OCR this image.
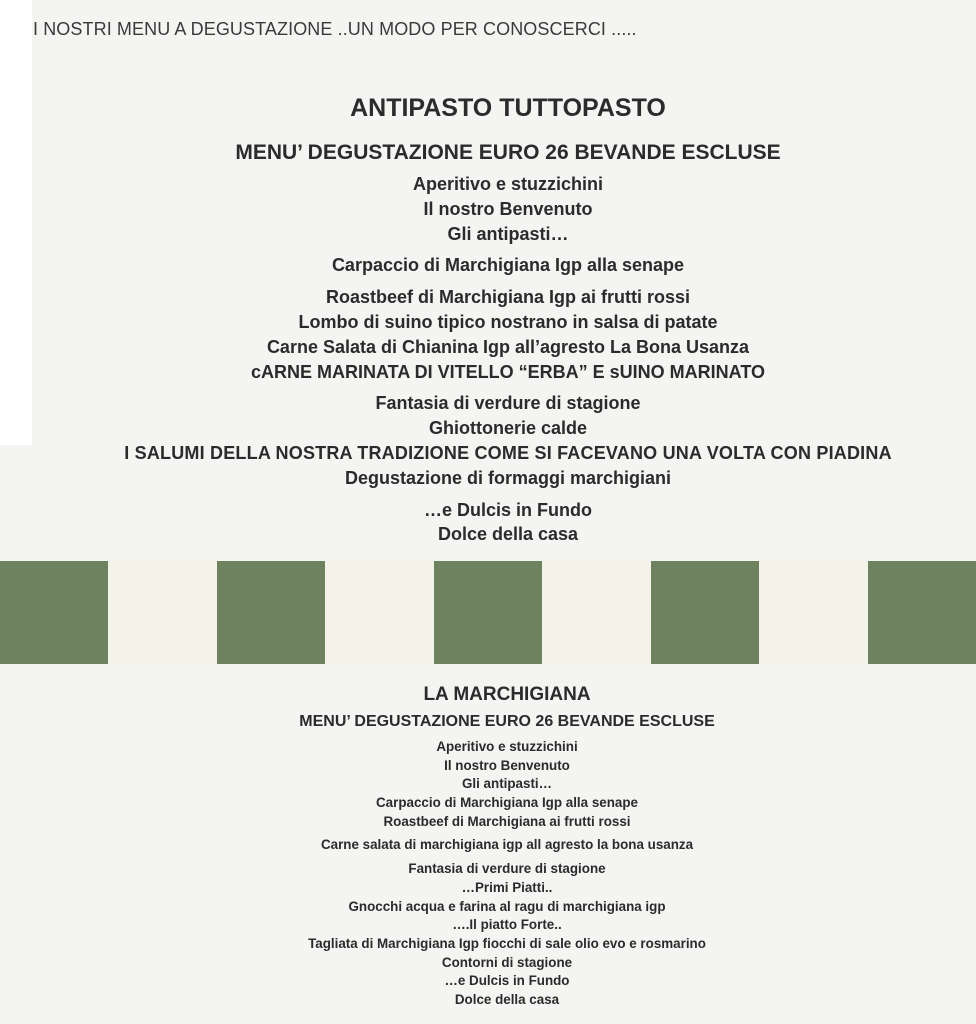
I NOSTRI MENU A DEGUSTAZIONE ..UN MODO PER CONOSCERCI .....
ANTIPASTO TUTTOPASTO
MENU’ DEGUSTAZIONE EURO 26 BEVANDE ESCLUSE
Aperitivo e stuzzichini
Il nostro Benvenuto
Gli antipasti…
Carpaccio di Marchigiana Igp alla senape
Roastbeef di Marchigiana Igp ai frutti rossi
Lombo di suino tipico nostrano in salsa di patate
Carne Salata di Chianina Igp all’agresto La Bona Usanza
cARNE MARINATA DI VITELLO “ERBA” E sUINO MARINATO
Fantasia di verdure di stagione
Ghiottonerie calde
I SALUMI DELLA NOSTRA TRADIZIONE COME SI FACEVANO UNA VOLTA CON PIADINA
Degustazione di formaggi marchigiani
…e Dulcis in Fundo
Dolce della casa
LA MARCHIGIANA
MENU’ DEGUSTAZIONE EURO 26 BEVANDE ESCLUSE
Aperitivo e stuzzichini
Il nostro Benvenuto
Gli antipasti…
Carpaccio di Marchigiana Igp alla senape
Roastbeef di Marchigiana ai frutti rossi
Carne salata di marchigiana igp all agresto la bona usanza
Fantasia di verdure di stagione
…Primi Piatti..
Gnocchi acqua e farina al ragu di marchigiana igp
….Il piatto Forte..
Tagliata di Marchigiana Igp fiocchi di sale olio evo e rosmarino
Contorni di stagione
…e Dulcis in Fundo
Dolce della casa
